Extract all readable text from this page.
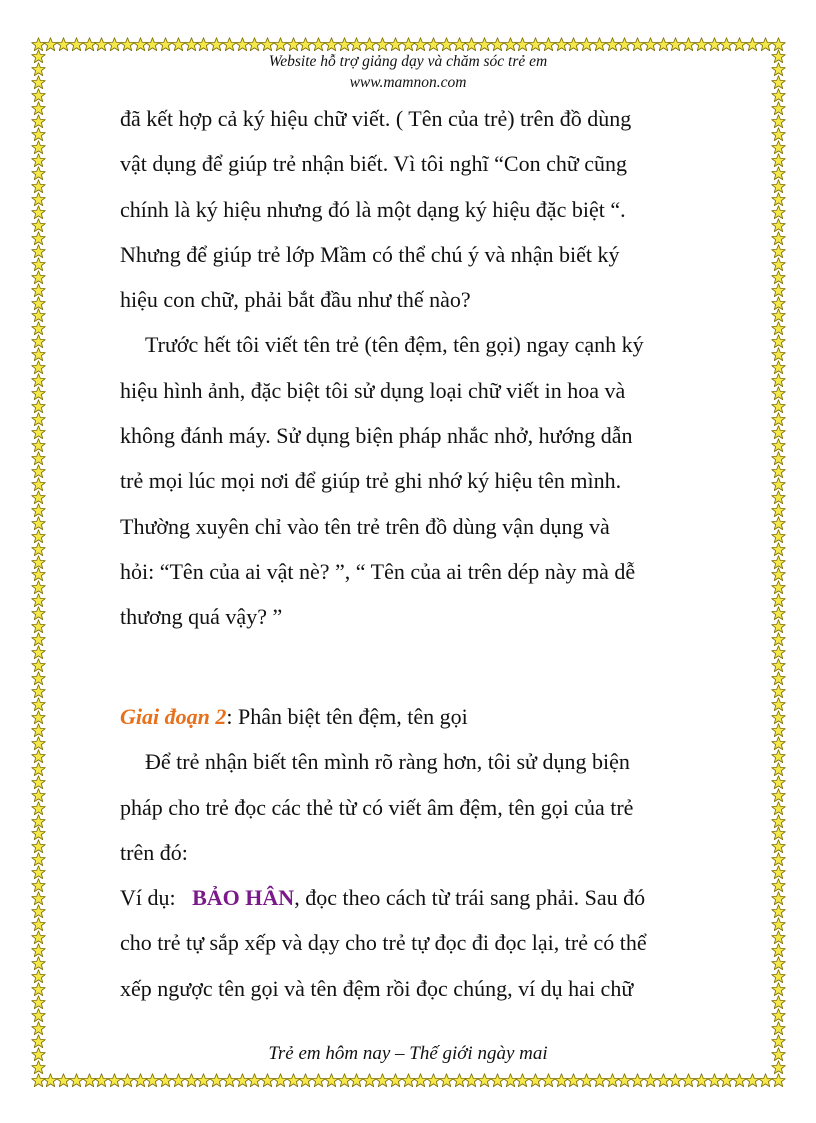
Website hỗ trợ giảng dạy và chăm sóc trẻ em
www.mamnon.com

đã kết hợp cả ký hiệu chữ viết. ( Tên của trẻ) trên đồ dùng
vật dụng để giúp trẻ nhận biết. Vì tôi nghĩ “Con chữ cũng
chính là ký hiệu nhưng đó là một dạng ký hiệu đặc biệt “.
Nhưng để giúp trẻ lớp Mầm có thể chú ý và nhận biết ký
hiệu con chữ, phải bắt đầu như thế nào?

Trước hết tôi viết tên trẻ (tên đệm, tên gọi) ngay cạnh ký
hiệu hình ảnh, đặc biệt tôi sử dụng loại chữ viết in hoa và
không đánh máy. Sử dụng biện pháp nhắc nhở, hướng dẫn
trẻ mọi lúc mọi nơi để giúp trẻ ghi nhớ ký hiệu tên mình.
Thường xuyên chỉ vào tên trẻ trên đồ dùng vận dụng và
hỏi: “Tên của ai vật nè? ”, “ Tên của ai trên dép này mà dễ
thương quá vậy? ”

Giai đoạn 2: Phân biệt tên đệm, tên gọi

Để trẻ nhận biết tên mình rõ ràng hơn, tôi sử dụng biện
pháp cho trẻ đọc các thẻ từ có viết âm đệm, tên gọi của trẻ
trên đó:

Ví dụ:   BẢO HÂN, đọc theo cách từ trái sang phải. Sau đó
cho trẻ tự sắp xếp và dạy cho trẻ tự đọc đi đọc lại, trẻ có thể
xếp ngược tên gọi và tên đệm rồi đọc chúng, ví dụ hai chữ

Trẻ em hôm nay – Thế giới ngày mai
